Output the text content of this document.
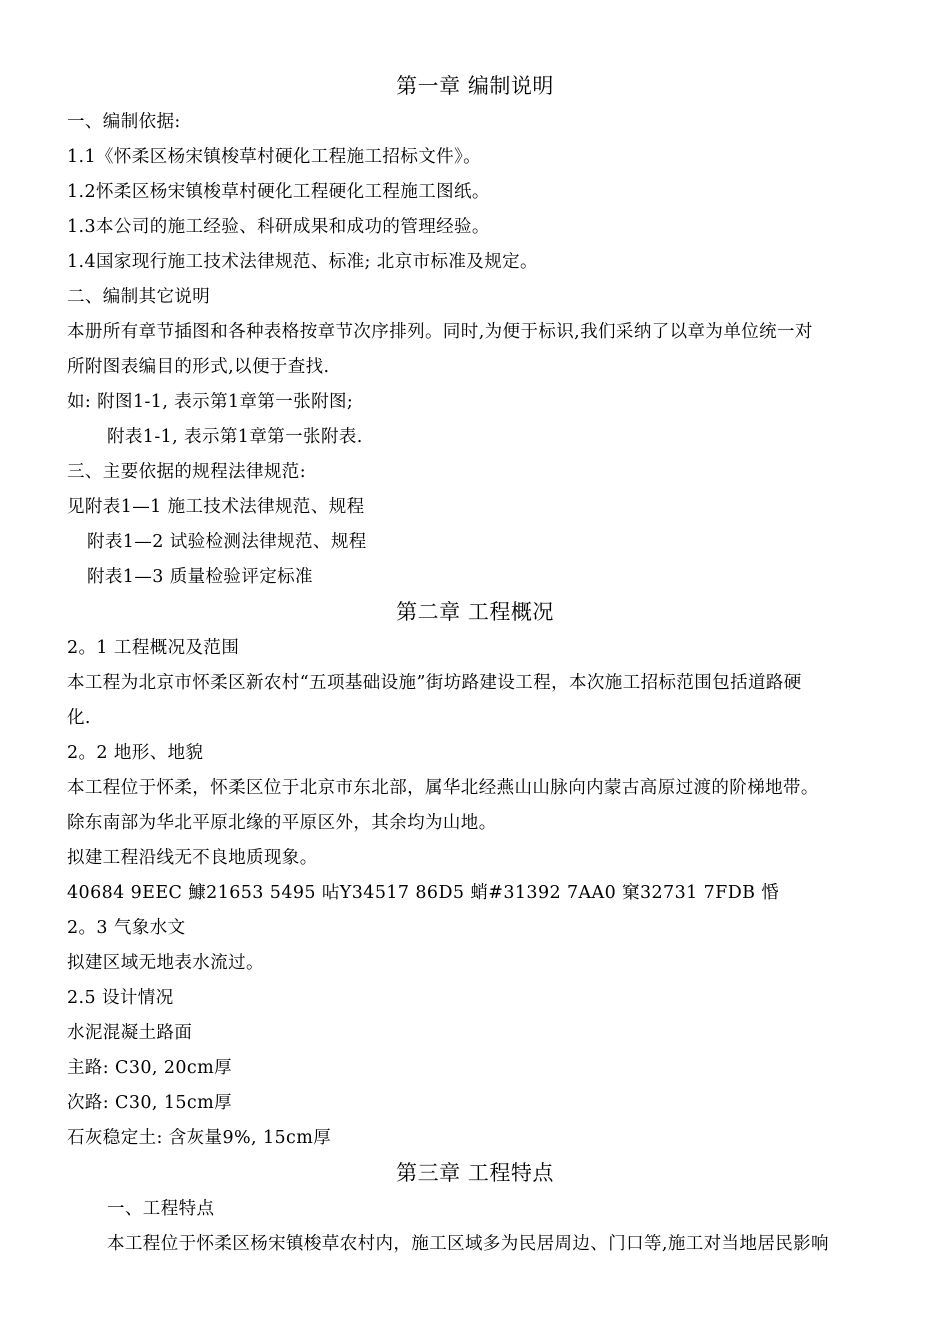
第一章 编制说明
一、编制依据:
1.1《怀柔区杨宋镇梭草村硬化工程施工招标文件》。
1.2怀柔区杨宋镇梭草村硬化工程硬化工程施工图纸。
1.3本公司的施工经验、科研成果和成功的管理经验。
1.4国家现行施工技术法律规范、标准; 北京市标准及规定。
二、编制其它说明
本册所有章节插图和各种表格按章节次序排列。同时,为便于标识,我们采纳了以章为单位统一对
所附图表编目的形式,以便于查找.
如: 附图1-1, 表示第1章第一张附图;
附表1-1, 表示第1章第一张附表.
三、主要依据的规程法律规范:
见附表1—1 施工技术法律规范、规程
附表1—2 试验检测法律规范、规程
附表1—3 质量检验评定标准
第二章 工程概况
2。1 工程概况及范围
本工程为北京市怀柔区新农村“五项基础设施”街坊路建设工程，本次施工招标范围包括道路硬
化.
2。2 地形、地貌
本工程位于怀柔，怀柔区位于北京市东北部，属华北经燕山山脉向内蒙古高原过渡的阶梯地带。
除东南部为华北平原北缘的平原区外，其余均为山地。
拟建工程沿线无不良地质现象。
40684 9EEC 鱇21653 5495 呫Y34517 86D5 蛸#31392 7AA0 窠32731 7FDB 惛
2。3 气象水文
拟建区域无地表水流过。
2.5 设计情况
水泥混凝土路面
主路: C30, 20cm厚
次路: C30, 15cm厚
石灰稳定土: 含灰量9%, 15cm厚
第三章 工程特点
一、工程特点
本工程位于怀柔区杨宋镇梭草农村内，施工区域多为民居周边、门口等,施工对当地居民影响
